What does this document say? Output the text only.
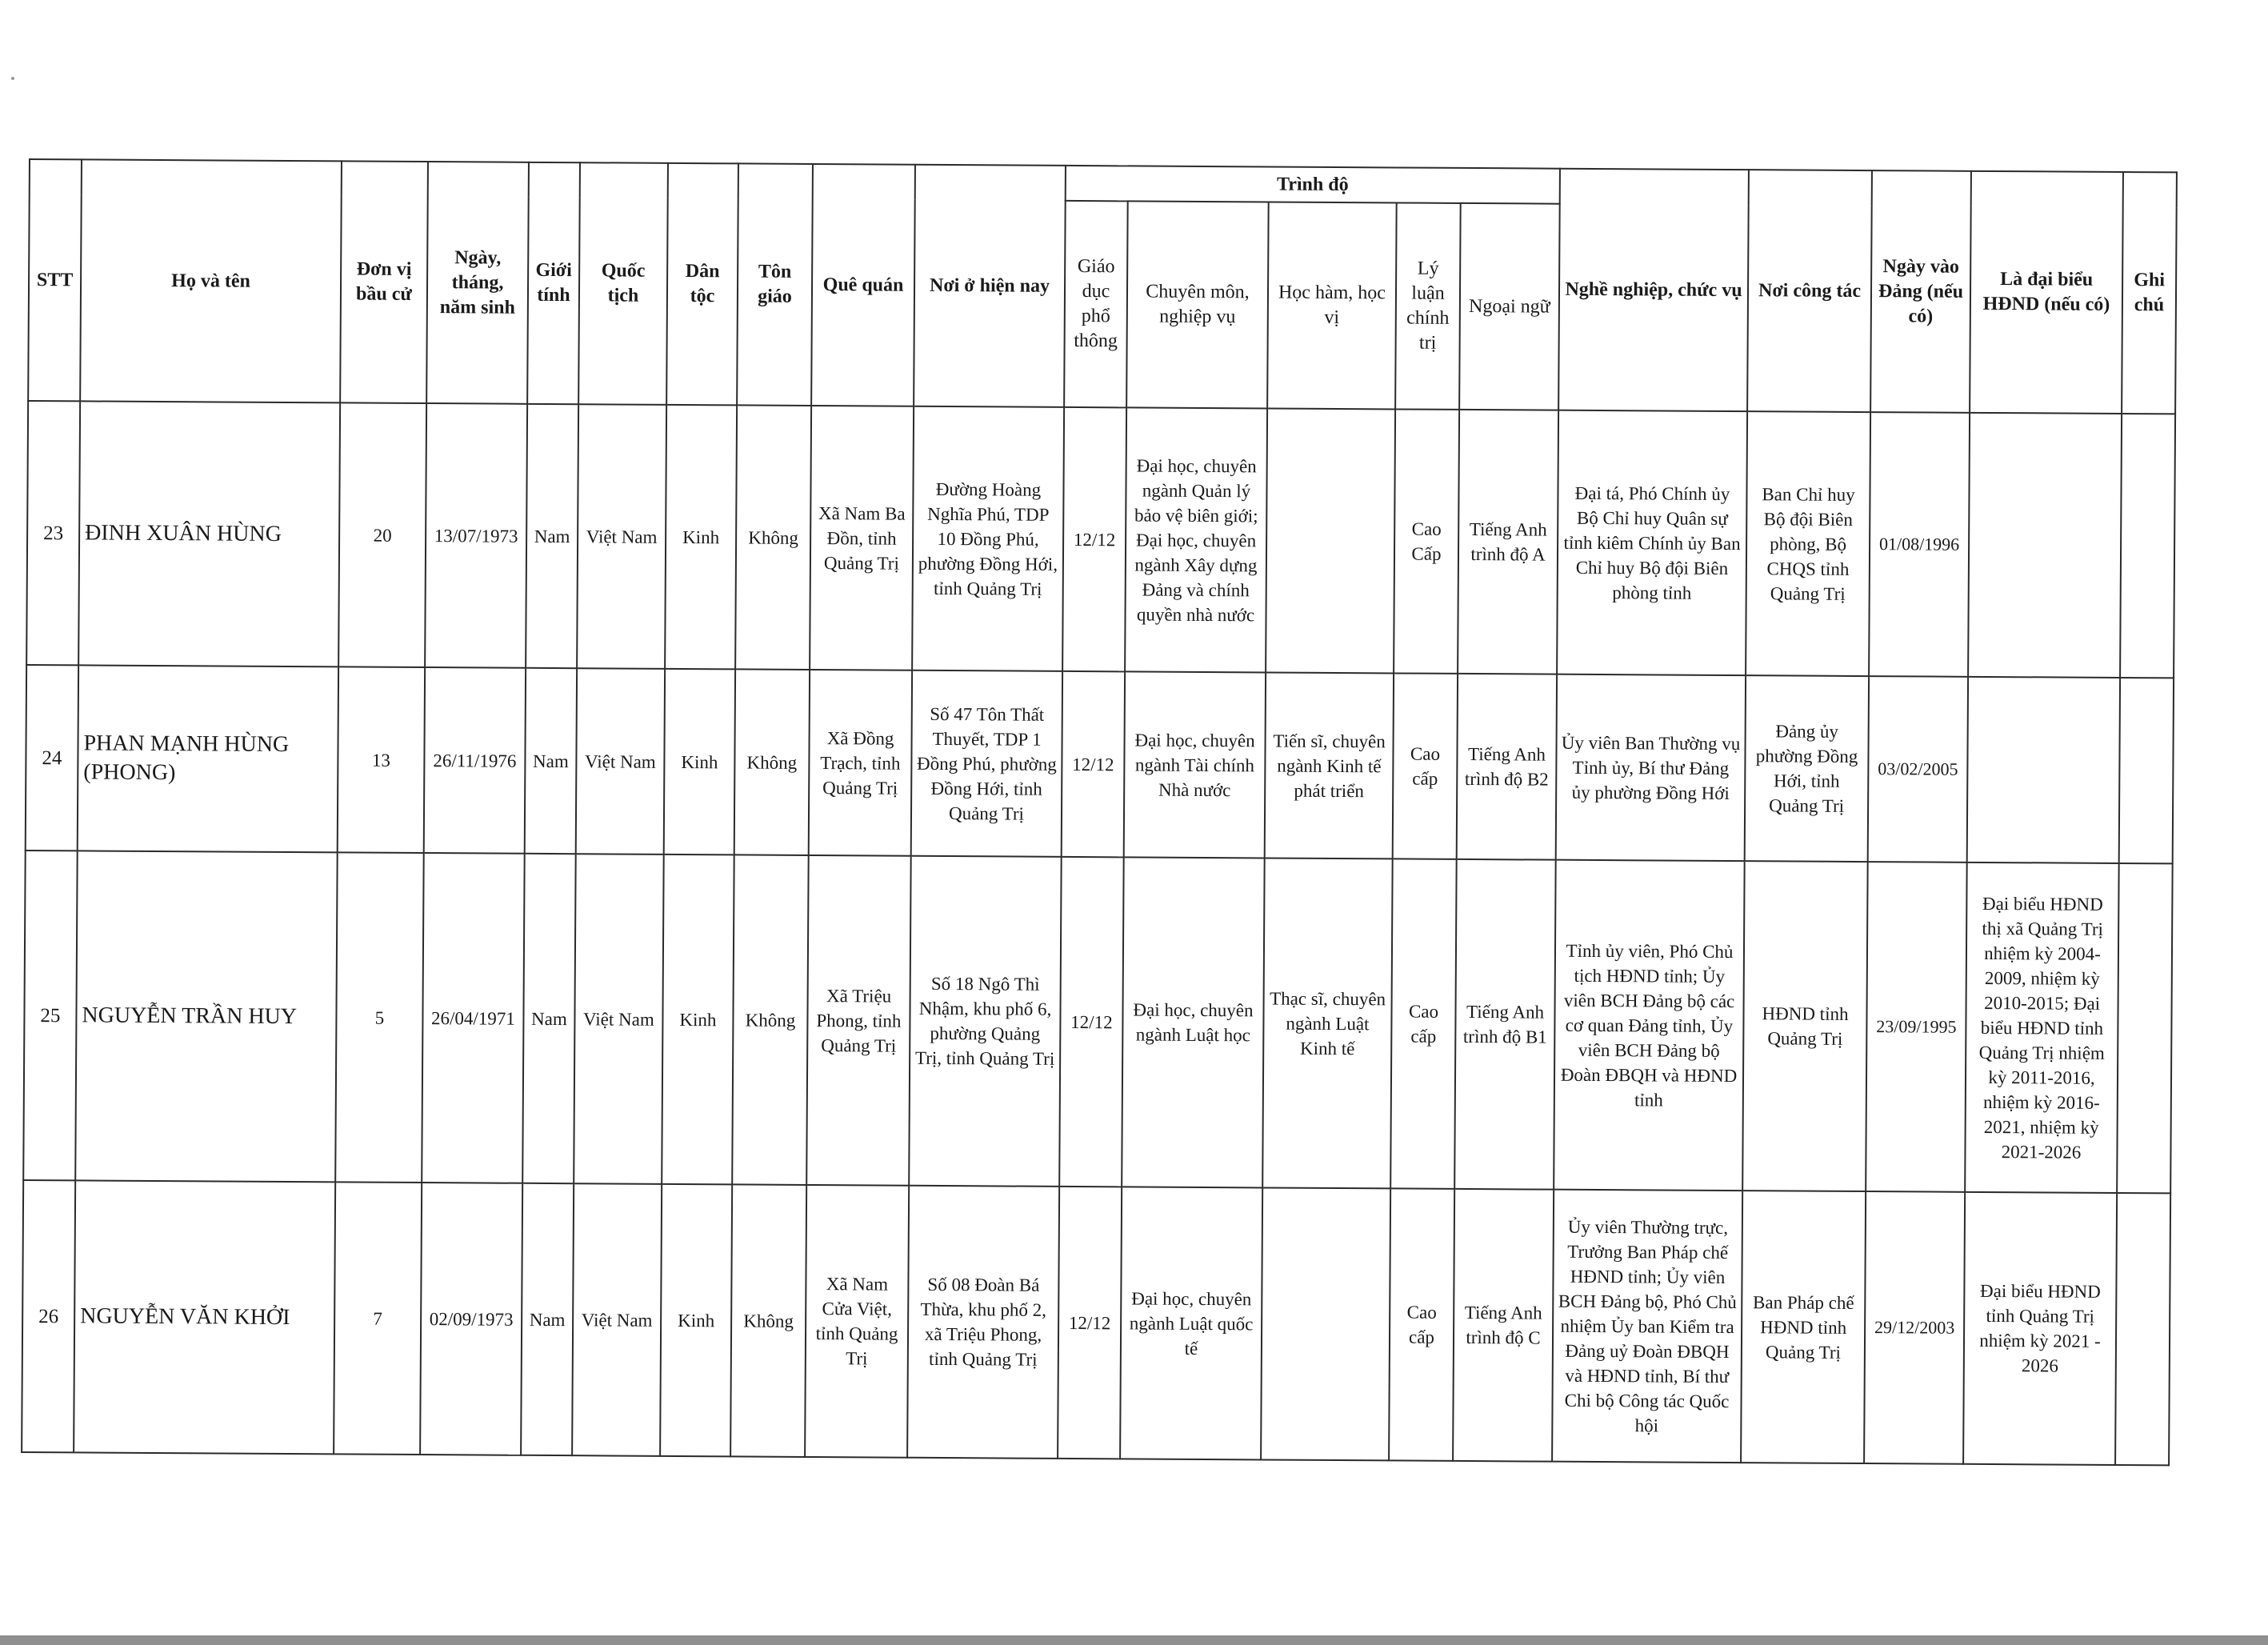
STT	Họ và tên	Đơn vị bầu cử	Ngày, tháng, năm sinh	Giới tính	Quốc tịch	Dân tộc	Tôn giáo	Quê quán	Nơi ở hiện nay	Trình độ					Nghề nghiệp, chức vụ	Nơi công tác	Ngày vào Đảng (nếu có)	Là đại biểu HĐND (nếu có)	Ghi chú
										Giáo dục phổ thông	Chuyên môn, nghiệp vụ	Học hàm, học vị	Lý luận chính trị	Ngoại ngữ					
23	ĐINH XUÂN HÙNG	20	13/07/1973	Nam	Việt Nam	Kinh	Không	Xã Nam Ba Đồn, tỉnh Quảng Trị	Đường Hoàng Nghĩa Phú, TDP 10 Đồng Phú, phường Đồng Hới, tỉnh Quảng Trị	12/12	Đại học, chuyên ngành Quản lý bảo vệ biên giới; Đại học, chuyên ngành Xây dựng Đảng và chính quyền nhà nước		Cao Cấp	Tiếng Anh trình độ A	Đại tá, Phó Chính ủy Bộ Chỉ huy Quân sự tỉnh kiêm Chính ủy Ban Chỉ huy Bộ đội Biên phòng tỉnh	Ban Chỉ huy Bộ đội Biên phòng, Bộ CHQS tỉnh Quảng Trị	01/08/1996		
24	PHAN MẠNH HÙNG (PHONG)	13	26/11/1976	Nam	Việt Nam	Kinh	Không	Xã Đồng Trạch, tỉnh Quảng Trị	Số 47 Tôn Thất Thuyết, TDP 1 Đồng Phú, phường Đồng Hới, tỉnh Quảng Trị	12/12	Đại học, chuyên ngành Tài chính Nhà nước	Tiến sĩ, chuyên ngành Kinh tế phát triển	Cao cấp	Tiếng Anh trình độ B2	Ủy viên Ban Thường vụ Tỉnh ủy, Bí thư Đảng ủy phường Đồng Hới	Đảng ủy phường Đồng Hới, tỉnh Quảng Trị	03/02/2005		
25	NGUYỄN TRẦN HUY	5	26/04/1971	Nam	Việt Nam	Kinh	Không	Xã Triệu Phong, tỉnh Quảng Trị	Số 18 Ngô Thì Nhậm, khu phố 6, phường Quảng Trị, tỉnh Quảng Trị	12/12	Đại học, chuyên ngành Luật học	Thạc sĩ, chuyên ngành Luật Kinh tế	Cao cấp	Tiếng Anh trình độ B1	Tỉnh ủy viên, Phó Chủ tịch HĐND tỉnh; Ủy viên BCH Đảng bộ các cơ quan Đảng tỉnh, Ủy viên BCH Đảng bộ Đoàn ĐBQH và HĐND tỉnh	HĐND tỉnh Quảng Trị	23/09/1995	Đại biểu HĐND thị xã Quảng Trị nhiệm kỳ 2004-2009, nhiệm kỳ 2010-2015; Đại biểu HĐND tỉnh Quảng Trị nhiệm kỳ 2011-2016, nhiệm kỳ 2016-2021, nhiệm kỳ 2021-2026	
26	NGUYỄN VĂN KHỞI	7	02/09/1973	Nam	Việt Nam	Kinh	Không	Xã Nam Cửa Việt, tỉnh Quảng Trị	Số 08 Đoàn Bá Thừa, khu phố 2, xã Triệu Phong, tỉnh Quảng Trị	12/12	Đại học, chuyên ngành Luật quốc tế		Cao cấp	Tiếng Anh trình độ C	Ủy viên Thường trực, Trưởng Ban Pháp chế HĐND tỉnh; Ủy viên BCH Đảng bộ, Phó Chủ nhiệm Ủy ban Kiểm tra Đảng uỷ Đoàn ĐBQH và HĐND tỉnh, Bí thư Chi bộ Công tác Quốc hội	Ban Pháp chế HĐND tỉnh Quảng Trị	29/12/2003	Đại biểu HĐND tỉnh Quảng Trị nhiệm kỳ 2021 - 2026	
